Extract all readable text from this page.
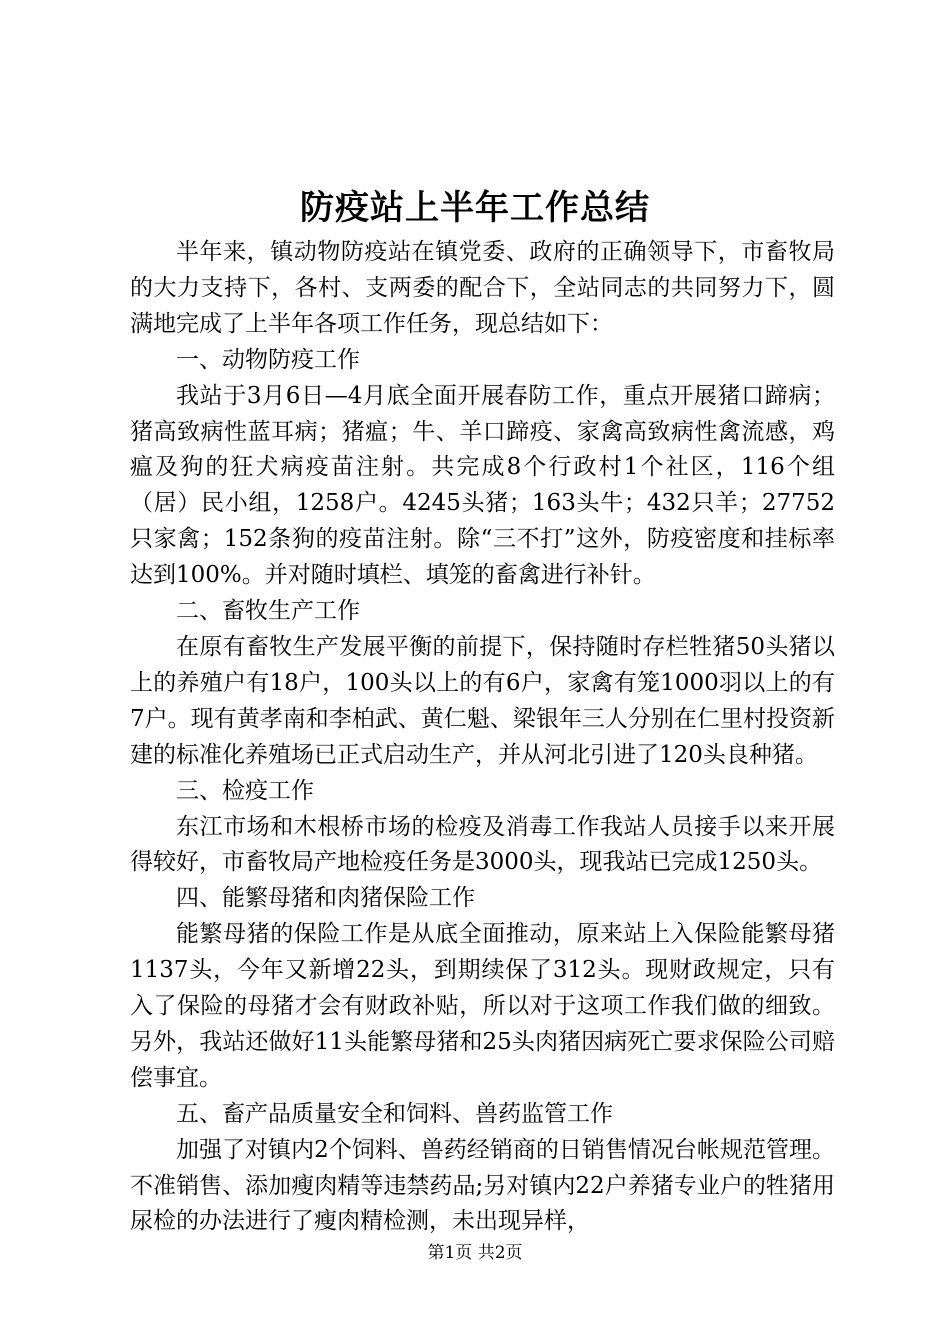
防疫站上半年工作总结

半年来，镇动物防疫站在镇党委、政府的正确领导下，市畜牧局的大力支持下，各村、支两委的配合下，全站同志的共同努力下，圆满地完成了上半年各项工作任务，现总结如下：

一、动物防疫工作

我站于3月6日—4月底全面开展春防工作，重点开展猪口蹄病；猪高致病性蓝耳病；猪瘟；牛、羊口蹄疫、家禽高致病性禽流感，鸡瘟及狗的狂犬病疫苗注射。共完成8个行政村1个社区，116个组（居）民小组，1258户。4245头猪；163头牛；432只羊；27752只家禽；152条狗的疫苗注射。除“三不打”这外，防疫密度和挂标率达到100%。并对随时填栏、填笼的畜禽进行补针。

二、畜牧生产工作

在原有畜牧生产发展平衡的前提下，保持随时存栏牲猪50头猪以上的养殖户有18户，100头以上的有6户，家禽有笼1000羽以上的有7户。现有黄孝南和李柏武、黄仁魁、梁银年三人分别在仁里村投资新建的标准化养殖场已正式启动生产，并从河北引进了120头良种猪。

三、检疫工作

东江市场和木根桥市场的检疫及消毒工作我站人员接手以来开展得较好，市畜牧局产地检疫任务是3000头，现我站已完成1250头。

四、能繁母猪和肉猪保险工作

能繁母猪的保险工作是从底全面推动，原来站上入保险能繁母猪1137头，今年又新增22头，到期续保了312头。现财政规定，只有入了保险的母猪才会有财政补贴，所以对于这项工作我们做的细致。另外，我站还做好11头能繁母猪和25头肉猪因病死亡要求保险公司赔偿事宜。

五、畜产品质量安全和饲料、兽药监管工作

加强了对镇内2个饲料、兽药经销商的日销售情况台帐规范管理。不准销售、添加瘦肉精等违禁药品;另对镇内22户养猪专业户的牲猪用尿检的办法进行了瘦肉精检测，未出现异样，

第1页 共2页
